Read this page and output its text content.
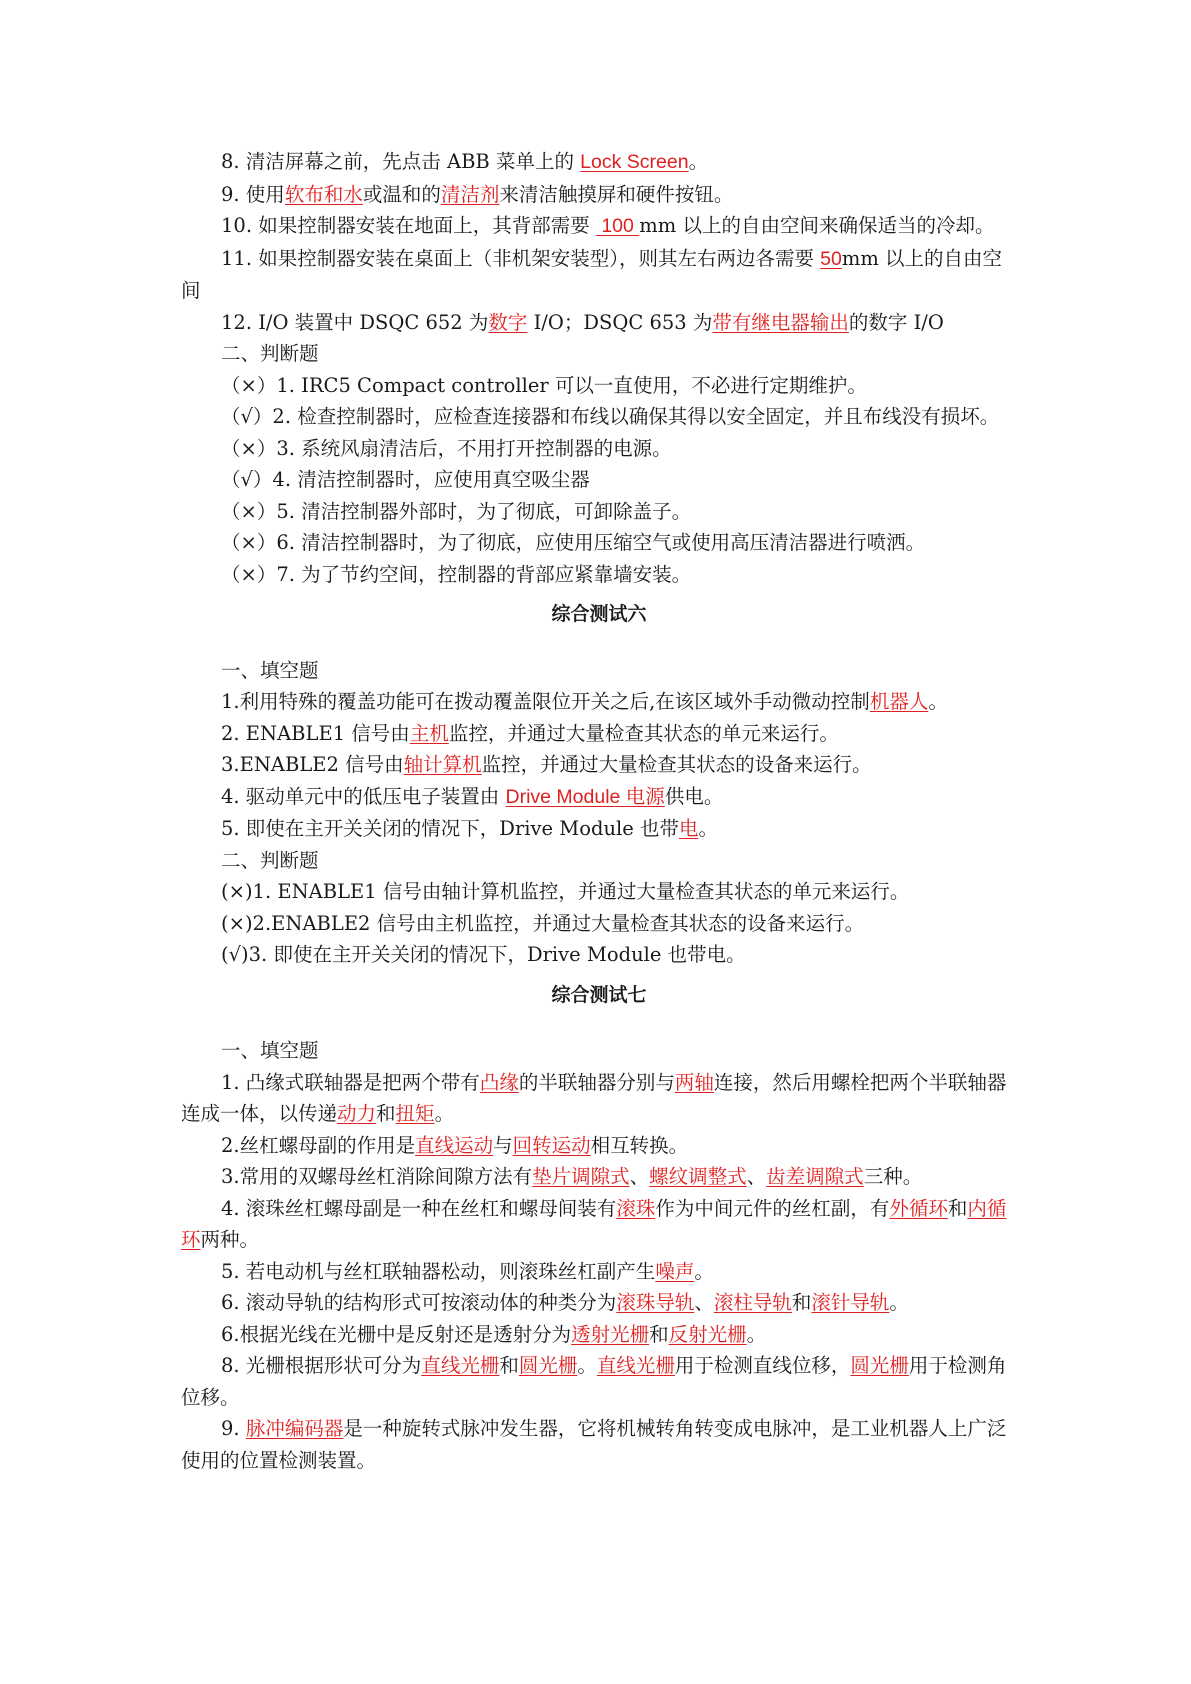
8. 清洁屏幕之前，先点击 ABB 菜单上的 Lock Screen。

9. 使用软布和水或温和的清洁剂来清洁触摸屏和硬件按钮。

10. 如果控制器安装在地面上，其背部需要  100 mm 以上的自由空间来确保适当的冷却。

11. 如果控制器安装在桌面上（非机架安装型），则其左右两边各需要 50mm 以上的自由空间

12. I/O 装置中 DSQC 652 为数字 I/O；DSQC 653 为带有继电器输出的数字 I/O

二、判断题

（×）1. IRC5 Compact controller 可以一直使用，不必进行定期维护。

（√）2. 检查控制器时，应检查连接器和布线以确保其得以安全固定，并且布线没有损坏。

（×）3. 系统风扇清洁后，不用打开控制器的电源。

（√）4. 清洁控制器时，应使用真空吸尘器

（×）5. 清洁控制器外部时，为了彻底，可卸除盖子。

（×）6. 清洁控制器时，为了彻底，应使用压缩空气或使用高压清洁器进行喷洒。

（×）7. 为了节约空间，控制器的背部应紧靠墙安装。

综合测试六

一、填空题

1.利用特殊的覆盖功能可在拨动覆盖限位开关之后,在该区域外手动微动控制机器人。

2. ENABLE1 信号由主机监控，并通过大量检查其状态的单元来运行。

3.ENABLE2 信号由轴计算机监控，并通过大量检查其状态的设备来运行。

4. 驱动单元中的低压电子装置由 Drive Module 电源供电。

5. 即使在主开关关闭的情况下，Drive Module 也带电。

二、判断题

(×)1. ENABLE1 信号由轴计算机监控，并通过大量检查其状态的单元来运行。

(×)2.ENABLE2 信号由主机监控，并通过大量检查其状态的设备来运行。

(√)3. 即使在主开关关闭的情况下，Drive Module 也带电。

综合测试七

一、填空题

1. 凸缘式联轴器是把两个带有凸缘的半联轴器分别与两轴连接，然后用螺栓把两个半联轴器连成一体，以传递动力和扭矩。

2.丝杠螺母副的作用是直线运动与回转运动相互转换。

3.常用的双螺母丝杠消除间隙方法有垫片调隙式、螺纹调整式、齿差调隙式三种。

4. 滚珠丝杠螺母副是一种在丝杠和螺母间装有滚珠作为中间元件的丝杠副，有外循环和内循环两种。

5. 若电动机与丝杠联轴器松动，则滚珠丝杠副产生噪声。

6. 滚动导轨的结构形式可按滚动体的种类分为滚珠导轨、滚柱导轨和滚针导轨。

6.根据光线在光栅中是反射还是透射分为透射光栅和反射光栅。

8. 光栅根据形状可分为直线光栅和圆光栅。直线光栅用于检测直线位移，圆光栅用于检测角位移。

9. 脉冲编码器是一种旋转式脉冲发生器，它将机械转角转变成电脉冲，是工业机器人上广泛使用的位置检测装置。
